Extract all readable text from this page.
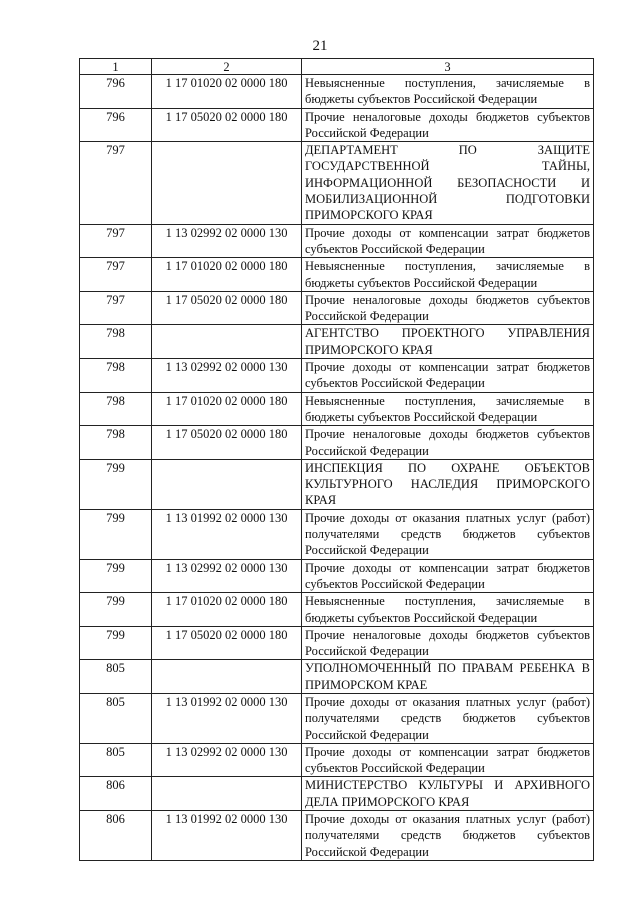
21
1	2	3
796	1 17 01020 02 0000 180	Невыясненные поступления, зачисляемые в бюджеты субъектов Российской Федерации
796	1 17 05020 02 0000 180	Прочие неналоговые доходы бюджетов субъектов Российской Федерации
797		ДЕПАРТАМЕНТ ПО ЗАЩИТЕ ГОСУДАРСТВЕННОЙ ТАЙНЫ, ИНФОРМАЦИОННОЙ БЕЗОПАСНОСТИ И МОБИЛИЗАЦИОННОЙ ПОДГОТОВКИ ПРИМОРСКОГО КРАЯ
797	1 13 02992 02 0000 130	Прочие доходы от компенсации затрат бюджетов субъектов Российской Федерации
797	1 17 01020 02 0000 180	Невыясненные поступления, зачисляемые в бюджеты субъектов Российской Федерации
797	1 17 05020 02 0000 180	Прочие неналоговые доходы бюджетов субъектов Российской Федерации
798		АГЕНТСТВО ПРОЕКТНОГО УПРАВЛЕНИЯ ПРИМОРСКОГО КРАЯ
798	1 13 02992 02 0000 130	Прочие доходы от компенсации затрат бюджетов субъектов Российской Федерации
798	1 17 01020 02 0000 180	Невыясненные поступления, зачисляемые в бюджеты субъектов Российской Федерации
798	1 17 05020 02 0000 180	Прочие неналоговые доходы бюджетов субъектов Российской Федерации
799		ИНСПЕКЦИЯ ПО ОХРАНЕ ОБЪЕКТОВ КУЛЬТУРНОГО НАСЛЕДИЯ ПРИМОРСКОГО КРАЯ
799	1 13 01992 02 0000 130	Прочие доходы от оказания платных услуг (работ) получателями средств бюджетов субъектов Российской Федерации
799	1 13 02992 02 0000 130	Прочие доходы от компенсации затрат бюджетов субъектов Российской Федерации
799	1 17 01020 02 0000 180	Невыясненные поступления, зачисляемые в бюджеты субъектов Российской Федерации
799	1 17 05020 02 0000 180	Прочие неналоговые доходы бюджетов субъектов Российской Федерации
805		УПОЛНОМОЧЕННЫЙ ПО ПРАВАМ РЕБЕНКА В ПРИМОРСКОМ КРАЕ
805	1 13 01992 02 0000 130	Прочие доходы от оказания платных услуг (работ) получателями средств бюджетов субъектов Российской Федерации
805	1 13 02992 02 0000 130	Прочие доходы от компенсации затрат бюджетов субъектов Российской Федерации
806		МИНИСТЕРСТВО КУЛЬТУРЫ И АРХИВНОГО ДЕЛА ПРИМОРСКОГО КРАЯ
806	1 13 01992 02 0000 130	Прочие доходы от оказания платных услуг (работ) получателями средств бюджетов субъектов Российской Федерации
